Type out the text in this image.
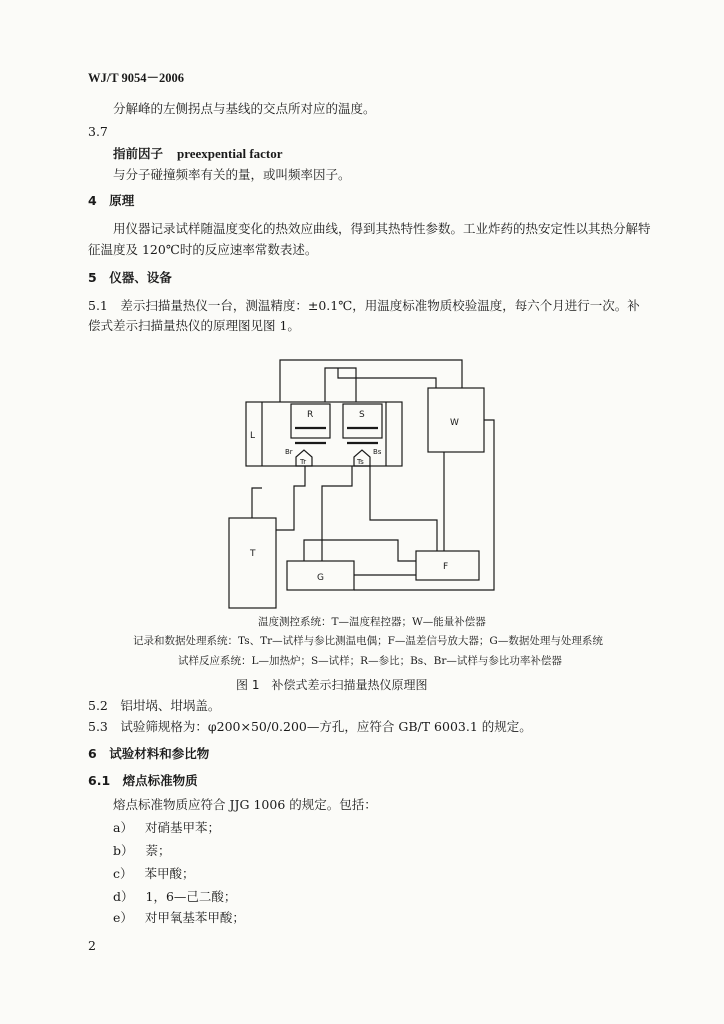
WJ/T 9054－2006
分解峰的左侧拐点与基线的交点所对应的温度。
3.7
指前因子 preexpential factor
与分子碰撞频率有关的量，或叫频率因子。
4　原理
用仪器记录试样随温度变化的热效应曲线，得到其热特性参数。工业炸药的热安定性以其热分解特
征温度及 120℃时的反应速率常数表述。
5　仪器、设备
5.1　差示扫描量热仪一台，测温精度：±0.1℃，用温度标准物质校验温度，每六个月进行一次。补
偿式差示扫描量热仪的原理图见图 1。
R	S
L
W
T
G
F
Br	Bs
Tr	Ts
温度测控系统：T—温度程控器；W—能量补偿器
记录和数据处理系统：Ts、Tr—试样与参比测温电偶；F—温差信号放大器；G—数据处理与处理系统
试样反应系统：L—加热炉；S—试样；R—参比；Bs、Br—试样与参比功率补偿器
图 1　补偿式差示扫描量热仪原理图
5.2　铝坩埚、坩埚盖。
5.3　试验筛规格为：φ200×50/0.200—方孔，应符合 GB/T 6003.1 的规定。
6　试验材料和参比物
6.1　熔点标准物质
熔点标准物质应符合 JJG 1006 的规定。包括：
a） 对硝基甲苯；
b） 萘；
c） 苯甲酸；
d） 1，6—己二酸；
e） 对甲氧基苯甲酸；
2
